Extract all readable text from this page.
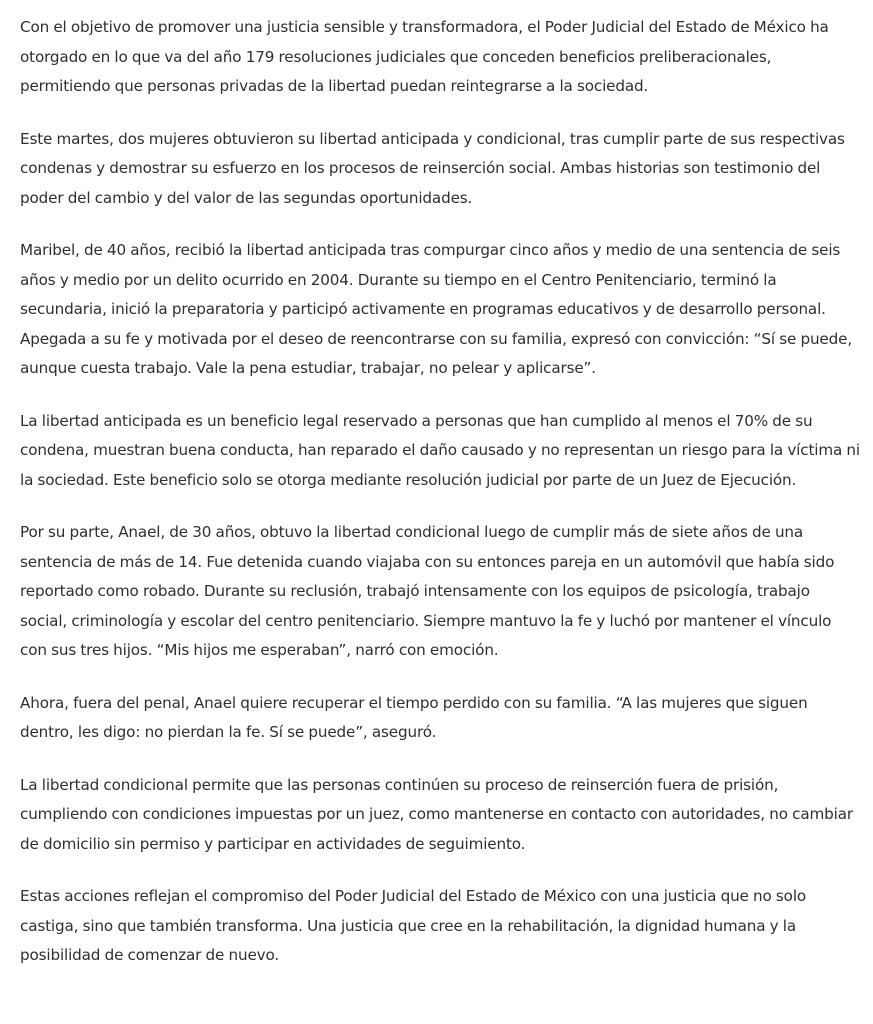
Con el objetivo de promover una justicia sensible y transformadora, el Poder Judicial del Estado de México ha otorgado en lo que va del año 179 resoluciones judiciales que conceden beneficios preliberacionales, permitiendo que personas privadas de la libertad puedan reintegrarse a la sociedad.

Este martes, dos mujeres obtuvieron su libertad anticipada y condicional, tras cumplir parte de sus respectivas condenas y demostrar su esfuerzo en los procesos de reinserción social. Ambas historias son testimonio del poder del cambio y del valor de las segundas oportunidades.

Maribel, de 40 años, recibió la libertad anticipada tras compurgar cinco años y medio de una sentencia de seis años y medio por un delito ocurrido en 2004. Durante su tiempo en el Centro Penitenciario, terminó la secundaria, inició la preparatoria y participó activamente en programas educativos y de desarrollo personal. Apegada a su fe y motivada por el deseo de reencontrarse con su familia, expresó con convicción: “Sí se puede, aunque cuesta trabajo. Vale la pena estudiar, trabajar, no pelear y aplicarse”.

La libertad anticipada es un beneficio legal reservado a personas que han cumplido al menos el 70% de su condena, muestran buena conducta, han reparado el daño causado y no representan un riesgo para la víctima ni la sociedad. Este beneficio solo se otorga mediante resolución judicial por parte de un Juez de Ejecución.

Por su parte, Anael, de 30 años, obtuvo la libertad condicional luego de cumplir más de siete años de una sentencia de más de 14. Fue detenida cuando viajaba con su entonces pareja en un automóvil que había sido reportado como robado. Durante su reclusión, trabajó intensamente con los equipos de psicología, trabajo social, criminología y escolar del centro penitenciario. Siempre mantuvo la fe y luchó por mantener el vínculo con sus tres hijos. “Mis hijos me esperaban”, narró con emoción.

Ahora, fuera del penal, Anael quiere recuperar el tiempo perdido con su familia. “A las mujeres que siguen dentro, les digo: no pierdan la fe. Sí se puede”, aseguró.

La libertad condicional permite que las personas continúen su proceso de reinserción fuera de prisión, cumpliendo con condiciones impuestas por un juez, como mantenerse en contacto con autoridades, no cambiar de domicilio sin permiso y participar en actividades de seguimiento.

Estas acciones reflejan el compromiso del Poder Judicial del Estado de México con una justicia que no solo castiga, sino que también transforma. Una justicia que cree en la rehabilitación, la dignidad humana y la posibilidad de comenzar de nuevo.
